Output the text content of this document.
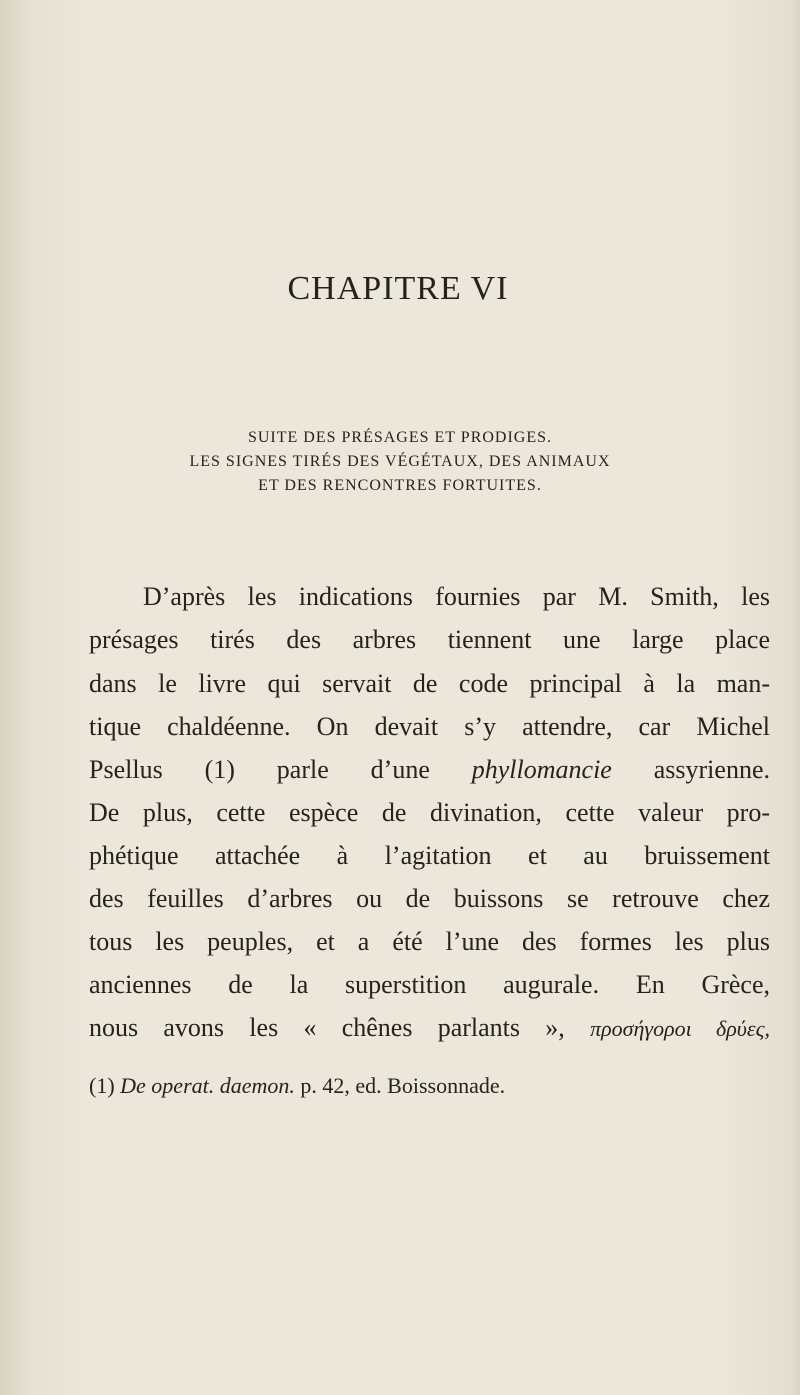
CHAPITRE VI
SUITE DES PRÉSAGES ET PRODIGES.
LES SIGNES TIRÉS DES VÉGÉTAUX, DES ANIMAUX
ET DES RENCONTRES FORTUITES.
D’après les indications fournies par M. Smith, les
présages tirés des arbres tiennent une large place
dans le livre qui servait de code principal à la man-
tique chaldéenne. On devait s’y attendre, car Michel
Psellus (1) parle d’une phyllomancie assyrienne.
De plus, cette espèce de divination, cette valeur pro-
phétique attachée à l’agitation et au bruissement
des feuilles d’arbres ou de buissons se retrouve chez
tous les peuples, et a été l’une des formes les plus
anciennes de la superstition augurale. En Grèce,
nous avons les « chênes parlants », προσήγοροι δρύες,
(1) De operat. daemon. p. 42, ed. Boissonnade.
